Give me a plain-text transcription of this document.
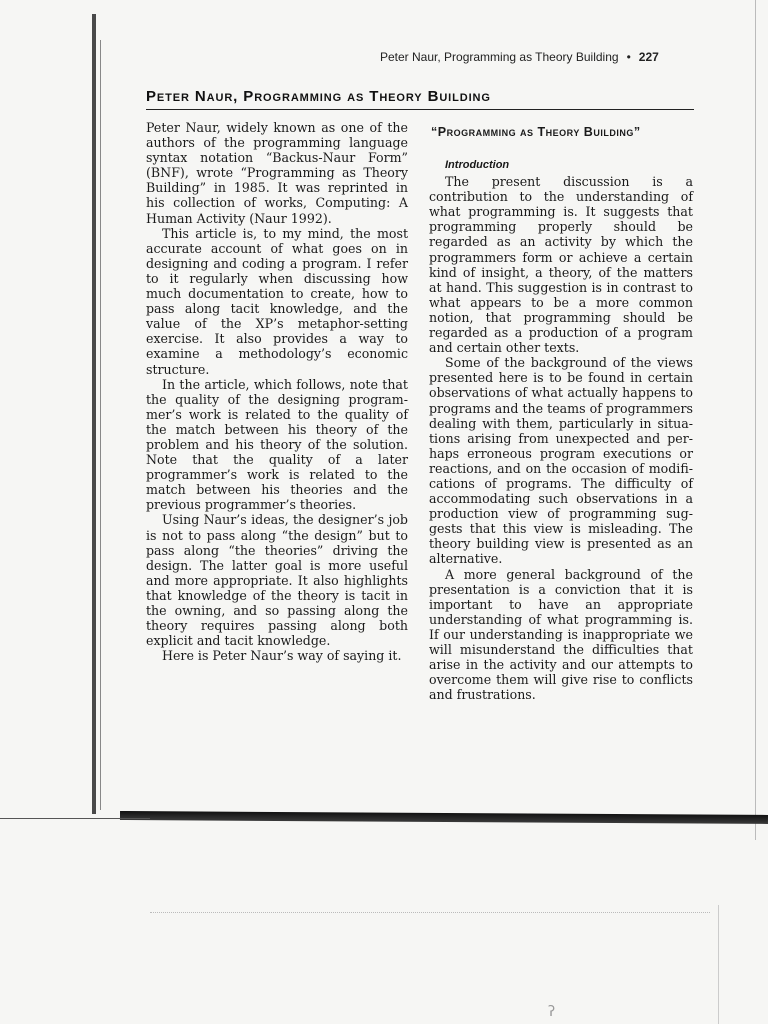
Peter Naur, Programming as Theory Building • 227
Peter Naur, Programming as Theory Building

Peter Naur, widely known as one of the authors of the programming language syntax notation “Backus-Naur Form” (BNF), wrote “Programming as Theory Building” in 1985. It was reprinted in his collection of works, Computing: A Human Activity (Naur 1992).

This article is, to my mind, the most accurate account of what goes on in designing and coding a program. I refer to it regularly when discussing how much documentation to create, how to pass along tacit knowledge, and the value of the XP’s metaphor-setting exercise. It also provides a way to examine a methodology’s economic structure.

In the article, which follows, note that the quality of the designing programmer’s work is related to the quality of the match between his theory of the problem and his theory of the solution. Note that the quality of a later programmer’s work is related to the match between his theories and the previous programmer’s theories.

Using Naur’s ideas, the designer’s job is not to pass along “the design” but to pass along “the theories” driving the design. The latter goal is more useful and more appropriate. It also highlights that knowledge of the theory is tacit in the owning, and so passing along the theory requires passing along both explicit and tacit knowledge.

Here is Peter Naur’s way of saying it.

“Programming as Theory Building”
Introduction

The present discussion is a contribution to the understanding of what programming is. It suggests that programming properly should be regarded as an activity by which the programmers form or achieve a certain kind of insight, a theory, of the matters at hand. This suggestion is in contrast to what appears to be a more common notion, that programming should be regarded as a production of a program and certain other texts.

Some of the background of the views presented here is to be found in certain observations of what actually happens to programs and the teams of programmers dealing with them, particularly in situations arising from unexpected and perhaps erroneous program executions or reactions, and on the occasion of modifications of programs. The difficulty of accommodating such observations in a production view of programming suggests that this view is misleading. The theory building view is presented as an alternative.

A more general background of the presentation is a conviction that it is important to have an appropriate understanding of what programming is. If our understanding is inappropriate we will misunderstand the difficulties that arise in the activity and our attempts to overcome them will give rise to conflicts and frustrations.

ʔ
